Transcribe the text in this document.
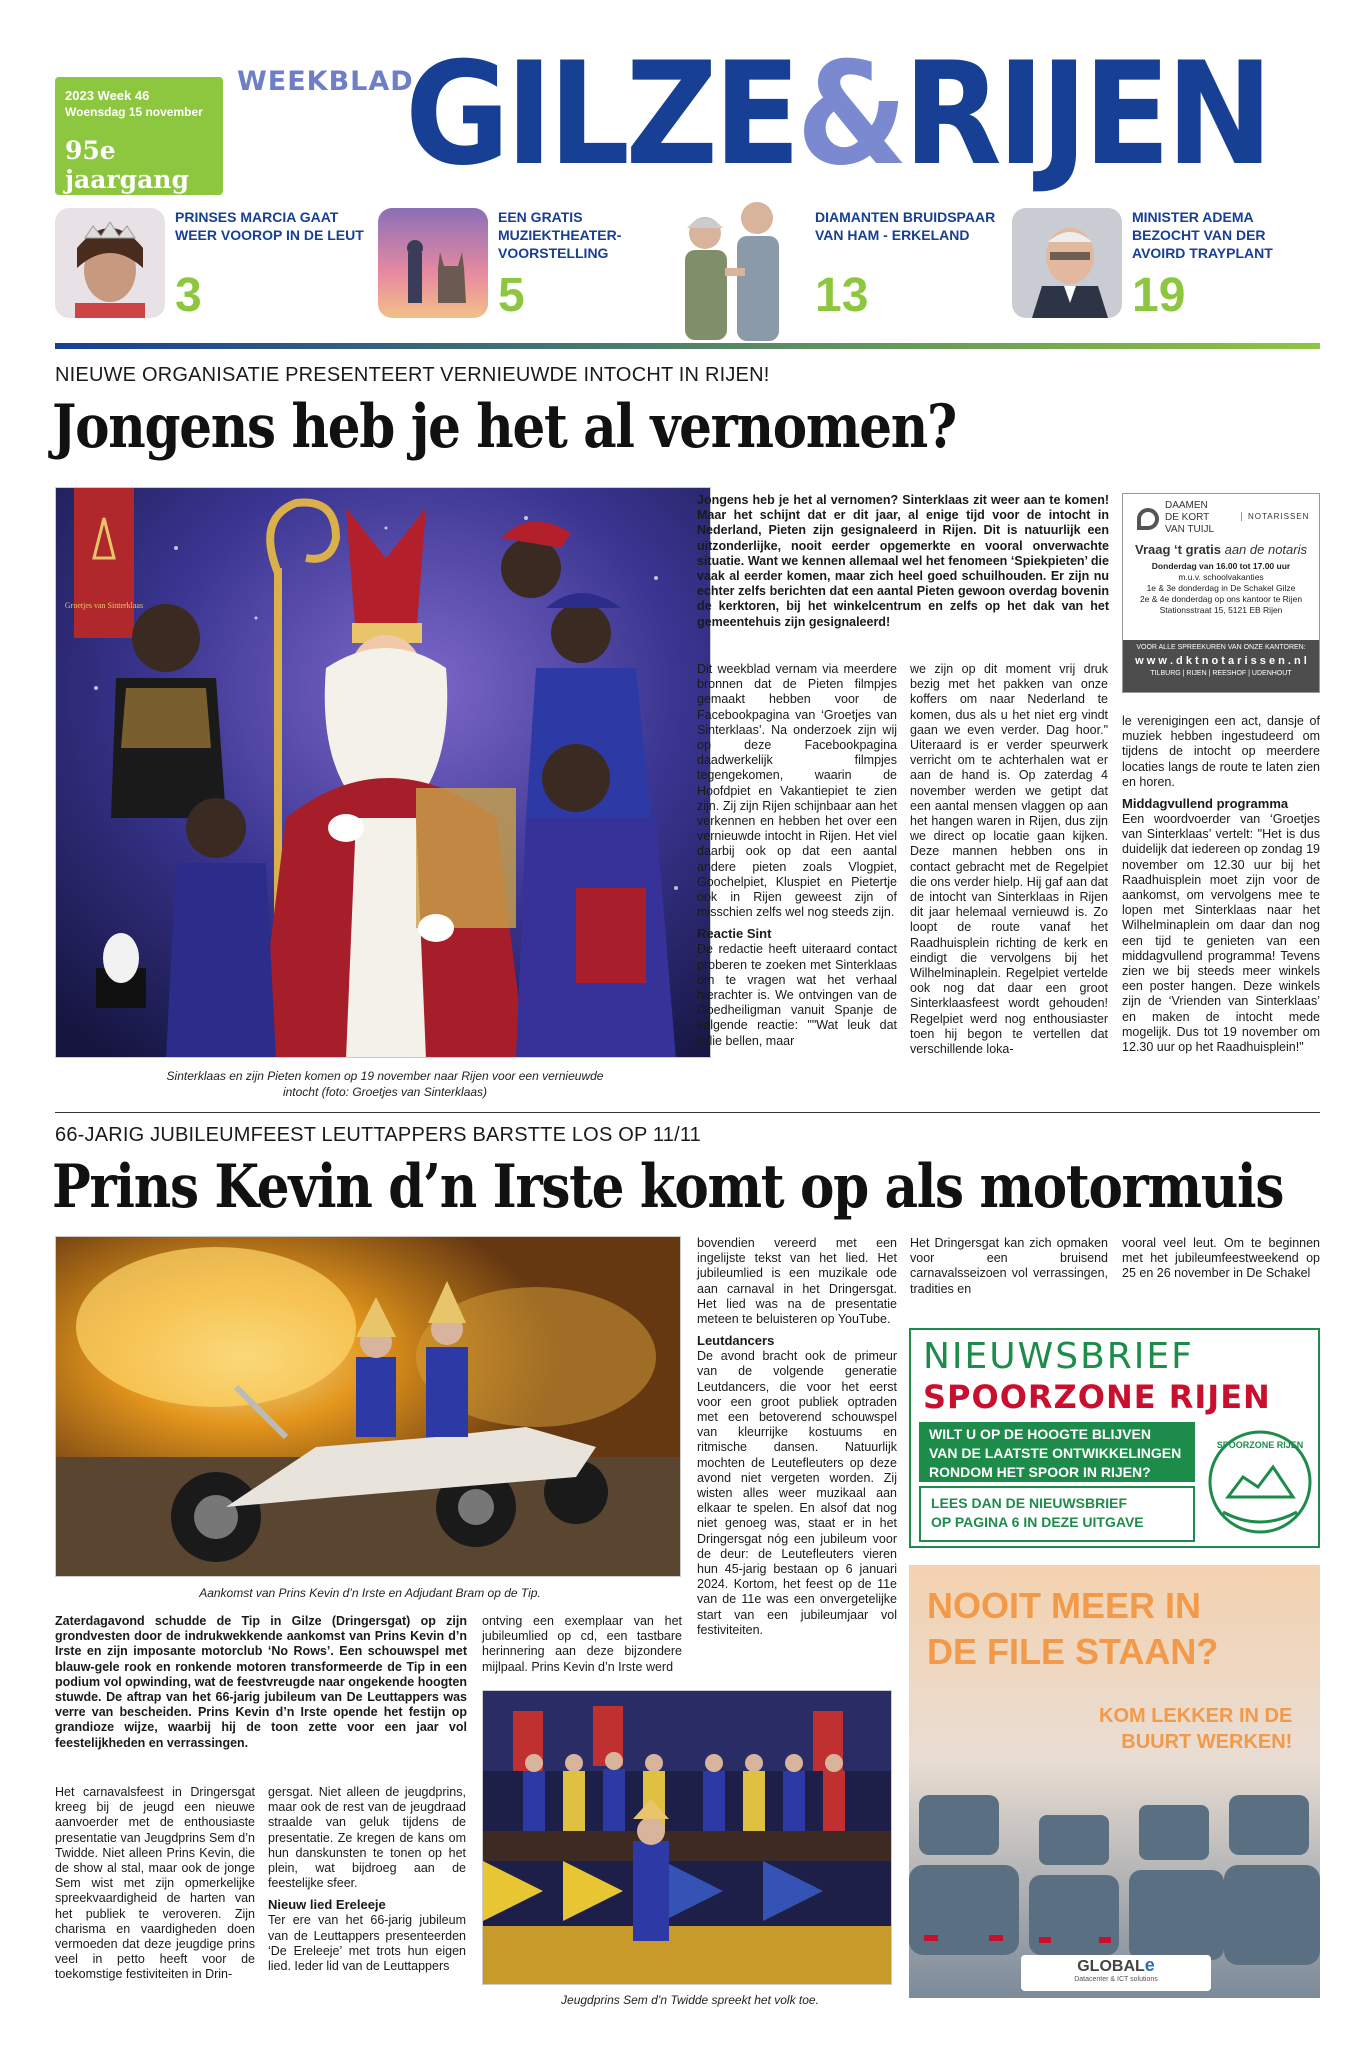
2023 Week 46
Woensdag 15 november
95e jaargang
WEEKBLAD
GILZE&RIJEN
PRINSES MARCIA GAAT WEER VOOROP IN DE LEUT
3
EEN GRATIS MUZIEKTHEATER-VOORSTELLING
5
DIAMANTEN BRUIDSPAAR VAN HAM - ERKELAND
13
MINISTER ADEMA BEZOCHT VAN DER AVOIRD TRAYPLANT
19
NIEUWE ORGANISATIE PRESENTEERT VERNIEUWDE INTOCHT IN RIJEN!
Jongens heb je het al vernomen?
Groetjes van Sinterklaas
Sinterklaas en zijn Pieten komen op 19 november naar Rijen voor een vernieuwde intocht (foto: Groetjes van Sinterklaas)
Jongens heb je het al vernomen? Sinterklaas zit weer aan te komen! Maar het schijnt dat er dit jaar, al enige tijd voor de intocht in Nederland, Pieten zijn gesignaleerd in Rijen. Dit is natuurlijk een uitzonderlijke, nooit eerder opgemerkte en vooral onverwachte situatie. Want we kennen allemaal wel het fenomeen ‘Spiekpieten’ die vaak al eerder komen, maar zich heel goed schuilhouden. Er zijn nu echter zelfs berichten dat een aantal Pieten gewoon overdag bovenin de kerktoren, bij het winkelcentrum en zelfs op het dak van het gemeentehuis zijn gesignaleerd!
Dit weekblad vernam via meerdere bronnen dat de Pieten filmpjes gemaakt hebben voor de Facebookpagina van ‘Groetjes van Sinterklaas’. Na onderzoek zijn wij op deze Facebookpagina daadwerkelijk filmpjes tegengekomen, waarin de Hoofdpiet en Vakantiepiet te zien zijn. Zij zijn Rijen schijnbaar aan het verkennen en hebben het over een vernieuwde intocht in Rijen. Het viel daarbij ook op dat een aantal andere pieten zoals Vlogpiet, Goochelpiet, Kluspiet en Pietertje ook in Rijen geweest zijn of misschien zelfs wel nog steeds zijn.
Reactie Sint
De redactie heeft uiteraard contact proberen te zoeken met Sinterklaas om te vragen wat het verhaal hierachter is. We ontvingen van de Goedheiligman vanuit Spanje de volgende reactie: ""Wat leuk dat jullie bellen, maar
we zijn op dit moment vrij druk bezig met het pakken van onze koffers om naar Nederland te komen, dus als u het niet erg vindt gaan we even verder. Dag hoor." Uiteraard is er verder speurwerk verricht om te achterhalen wat er aan de hand is. Op zaterdag 4 november werden we getipt dat een aantal mensen vlaggen op aan het hangen waren in Rijen, dus zijn we direct op locatie gaan kijken. Deze mannen hebben ons in contact gebracht met de Regelpiet die ons verder hielp. Hij gaf aan dat de intocht van Sinterklaas in Rijen dit jaar helemaal vernieuwd is. Zo loopt de route vanaf het Raadhuisplein richting de kerk en eindigt die vervolgens bij het Wilhelminaplein. Regelpiet vertelde ook nog dat daar een groot Sinterklaasfeest wordt gehouden! Regelpiet werd nog enthousiaster toen hij begon te vertellen dat verschillende loka-
le verenigingen een act, dansje of muziek hebben ingestudeerd om tijdens de intocht op meerdere locaties langs de route te laten zien en horen.
Middagvullend programma
Een woordvoerder van ‘Groetjes van Sinterklaas’ vertelt: "Het is dus duidelijk dat iedereen op zondag 19 november om 12.30 uur bij het Raadhuisplein moet zijn voor de aankomst, om vervolgens mee te lopen met Sinterklaas naar het Wilhelminaplein om daar dan nog een tijd te genieten van een middagvullend programma! Tevens zien we bij steeds meer winkels een poster hangen. Deze winkels zijn de ‘Vrienden van Sinterklaas’ en maken de intocht mede mogelijk. Dus tot 19 november om 12.30 uur op het Raadhuisplein!"
DAAMEN
DE KORT
VAN TUIJL
NOTARISSEN
Vraag ‘t gratis aan de notaris
Donderdag van 16.00 tot 17.00 uur
m.u.v. schoolvakanties
1e & 3e donderdag in De Schakel Gilze
2e & 4e donderdag op ons kantoor te Rijen
Stationsstraat 15, 5121 EB Rijen
VOOR ALLE SPREEKUREN VAN ONZE KANTOREN:
w w w . d k t n o t a r i s s e n . n l
TILBURG | RIJEN | REESHOF | UDENHOUT
66-JARIG JUBILEUMFEEST LEUTTAPPERS BARSTTE LOS OP 11/11
Prins Kevin d’n Irste komt op als motormuis
Aankomst van Prins Kevin d’n Irste en Adjudant Bram op de Tip.
Zaterdagavond schudde de Tip in Gilze (Dringersgat) op zijn grondvesten door de indrukwekkende aankomst van Prins Kevin d’n Irste en zijn imposante motorclub ‘No Rows’. Een schouwspel met blauw-gele rook en ronkende motoren transformeerde de Tip in een podium vol opwinding, wat de feestvreugde naar ongekende hoogten stuwde. De aftrap van het 66-jarig jubileum van De Leuttappers was verre van bescheiden. Prins Kevin d’n Irste opende het festijn op grandioze wijze, waarbij hij de toon zette voor een jaar vol feestelijkheden en verrassingen.
Het carnavalsfeest in Dringersgat kreeg bij de jeugd een nieuwe aanvoerder met de enthousiaste presentatie van Jeugdprins Sem d’n Twidde. Niet alleen Prins Kevin, die de show al stal, maar ook de jonge Sem wist met zijn opmerkelijke spreekvaardigheid de harten van het publiek te veroveren. Zijn charisma en vaardigheden doen vermoeden dat deze jeugdige prins veel in petto heeft voor de toekomstige festiviteiten in Drin-
gersgat. Niet alleen de jeugdprins, maar ook de rest van de jeugdraad straalde van geluk tijdens de presentatie. Ze kregen de kans om hun danskunsten te tonen op het plein, wat bijdroeg aan de feestelijke sfeer.
Nieuw lied Ereleeje
Ter ere van het 66-jarig jubileum van de Leuttappers presenteerden ‘De Ereleeje’ met trots hun eigen lied. Ieder lid van de Leuttappers
ontving een exemplaar van het jubileumlied op cd, een tastbare herinnering aan deze bijzondere mijlpaal. Prins Kevin d’n Irste werd
Jeugdprins Sem d’n Twidde spreekt het volk toe.
bovendien vereerd met een ingelijste tekst van het lied. Het jubileumlied is een muzikale ode aan carnaval in het Dringersgat. Het lied was na de presentatie meteen te beluisteren op YouTube.
Leutdancers
De avond bracht ook de primeur van de volgende generatie Leutdancers, die voor het eerst voor een groot publiek optraden met een betoverend schouwspel van kleurrijke kostuums en ritmische dansen. Natuurlijk mochten de Leutefleuters op deze avond niet vergeten worden. Zij wisten alles weer muzikaal aan elkaar te spelen. En alsof dat nog niet genoeg was, staat er in het Dringersgat nóg een jubileum voor de deur: de Leutefleuters vieren hun 45-jarig bestaan op 6 januari 2024. Kortom, het feest op de 11e van de 11e was een onvergetelijke start van een jubileumjaar vol festiviteiten.
Het Dringersgat kan zich opmaken voor een bruisend carnavalsseizoen vol verrassingen, tradities en
vooral veel leut. Om te beginnen met het jubileumfeestweekend op 25 en 26 november in De Schakel
NIEUWSBRIEF
SPOORZONE RIJEN
WILT U OP DE HOOGTE BLIJVEN
VAN DE LAATSTE ONTWIKKELINGEN
RONDOM HET SPOOR IN RIJEN?
LEES DAN DE NIEUWSBRIEF
OP PAGINA 6 IN DEZE UITGAVE
SPOORZONE RIJEN
NOOIT MEER IN
DE FILE STAAN?
KOM LEKKER IN DE
BUURT WERKEN!
GLOBALe
Datacenter & ICT solutions
